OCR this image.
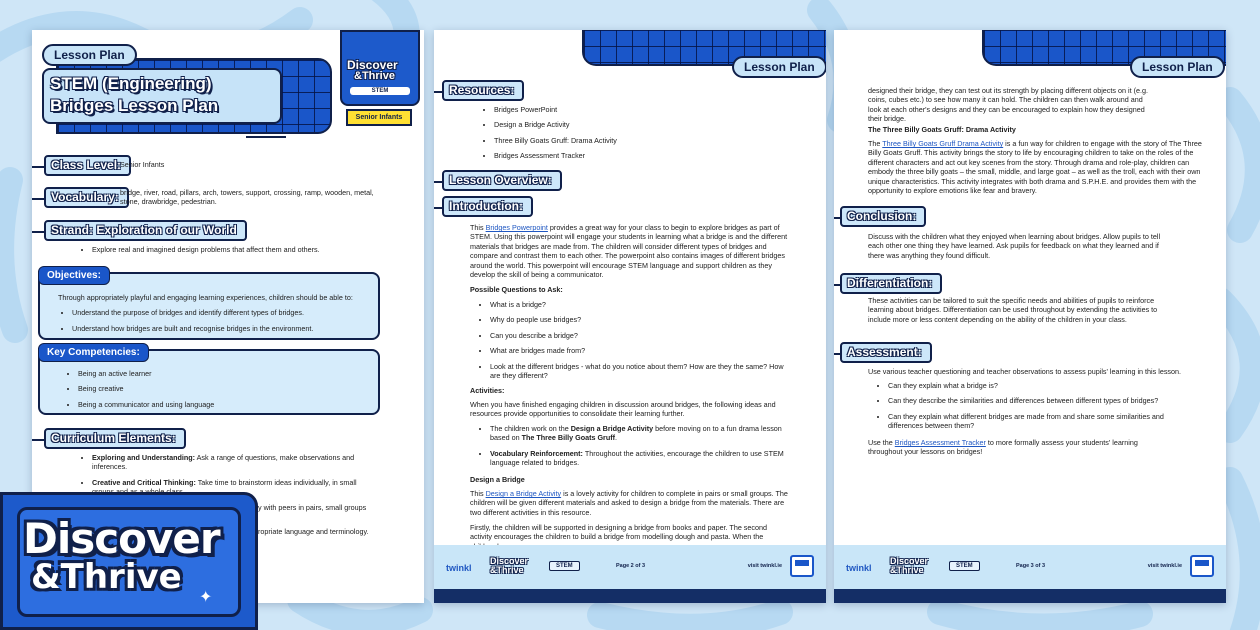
Lesson Plan
STEM (Engineering)
Bridges Lesson Plan
Discover
&Thrive
STEM
Senior Infants
Class Level:
Senior Infants
Vocabulary: bridge, river, road, pillars, arch, towers, support, crossing, ramp, wooden, metal, stone, drawbridge, pedestrian.
Strand: Exploration of our World
• Explore real and imagined design problems that affect them and others.
Objectives:
Through appropriately playful and engaging learning experiences, children should be able to:
• Understand the purpose of bridges and identify different types of bridges.
• Understand how bridges are built and recognise bridges in the environment.
Key Competencies:
• Being an active learner
• Being creative
• Being a communicator and using language
Curriculum Elements:
• Exploring and Understanding: Ask a range of questions, make observations and inferences.
• Creative and Critical Thinking: Take time to brainstorm ideas individually, in small
y with peers in pairs, small groups
ropriate language and terminology.
Lesson Plan
Resources:
• Bridges PowerPoint
• Design a Bridge Activity
• Three Billy Goats Gruff: Drama Activity
• Bridges Assessment Tracker
Lesson Overview:
Introduction:
This Bridges Powerpoint provides a great way for your class to begin to explore bridges as part of STEM. Using this powerpoint will engage your students in learning what a bridge is and the different materials that bridges are made from. The children will consider different types of bridges and compare and contrast them to each other. The powerpoint also contains images of different bridges around the world. This powerpoint will encourage STEM language and support children as they develop the skill of being a communicator.
Possible Questions to Ask:
• What is a bridge?
• Why do people use bridges?
• Can you describe a bridge?
• What are bridges made from?
• Look at the different bridges - what do you notice about them? How are they the same? How are they different?
Activities:
When you have finished engaging children in discussion around bridges, the following ideas and resources provide opportunities to consolidate their learning further.
• The children work on the Design a Bridge Activity before moving on to a fun drama lesson based on The Three Billy Goats Gruff.
• Vocabulary Reinforcement: Throughout the activities, encourage the children to use STEM language related to bridges.
Design a Bridge
This Design a Bridge Activity is a lovely activity for children to complete in pairs or small groups. The children will be given different materials and asked to design a bridge from the materials. There are two different activities in this resource.
Firstly, the children will be supported in designing a bridge from books and paper. The second activity encourages the children to build a bridge from modelling dough and pasta. When the
twinkl
Discover
&Thrive	STEM	Page 2 of 3	visit twinkl.ie
Lesson Plan
designed their bridge, they can test out its strength by placing different objects on it (e.g. coins, cubes etc.) to see how many it can hold. The children can then walk around and look at each other's designs and they can be encouraged to explain how they designed their bridge.
The Three Billy Goats Gruff: Drama Activity
The Three Billy Goats Gruff Drama Activity is a fun way for children to engage with the story of The Three Billy Goats Gruff. This activity brings the story to life by encouraging children to take on the roles of the different characters and act out key scenes from the story. Through drama and role-play, children can embody the three billy goats – the small, middle, and large goat – as well as the troll, each with their own unique characteristics. This activity integrates with both drama and S.P.H.E. and provides them with the opportunity to explore emotions like fear and bravery.
Conclusion:
Discuss with the children what they enjoyed when learning about bridges. Allow pupils to tell each other one thing they have learned. Ask pupils for feedback on what they learned and if there was anything they found difficult.
Differentiation:
These activities can be tailored to suit the specific needs and abilities of pupils to reinforce learning about bridges. Differentiation can be used throughout by extending the activities to include more or less content depending on the ability of the children in your class.
Assessment:
Use various teacher questioning and teacher observations to assess pupils' learning in this lesson.
• Can they explain what a bridge is?
• Can they describe the similarities and differences between different types of bridges?
• Can they explain what different bridges are made from and share some similarities and differences between them?
Use the Bridges Assessment Tracker to more formally assess your students' learning throughout your lessons on bridges!
twinkl
Discover
&Thrive	STEM	Page 3 of 3	visit twinkl.ie
Discover
&Thrive
✦
